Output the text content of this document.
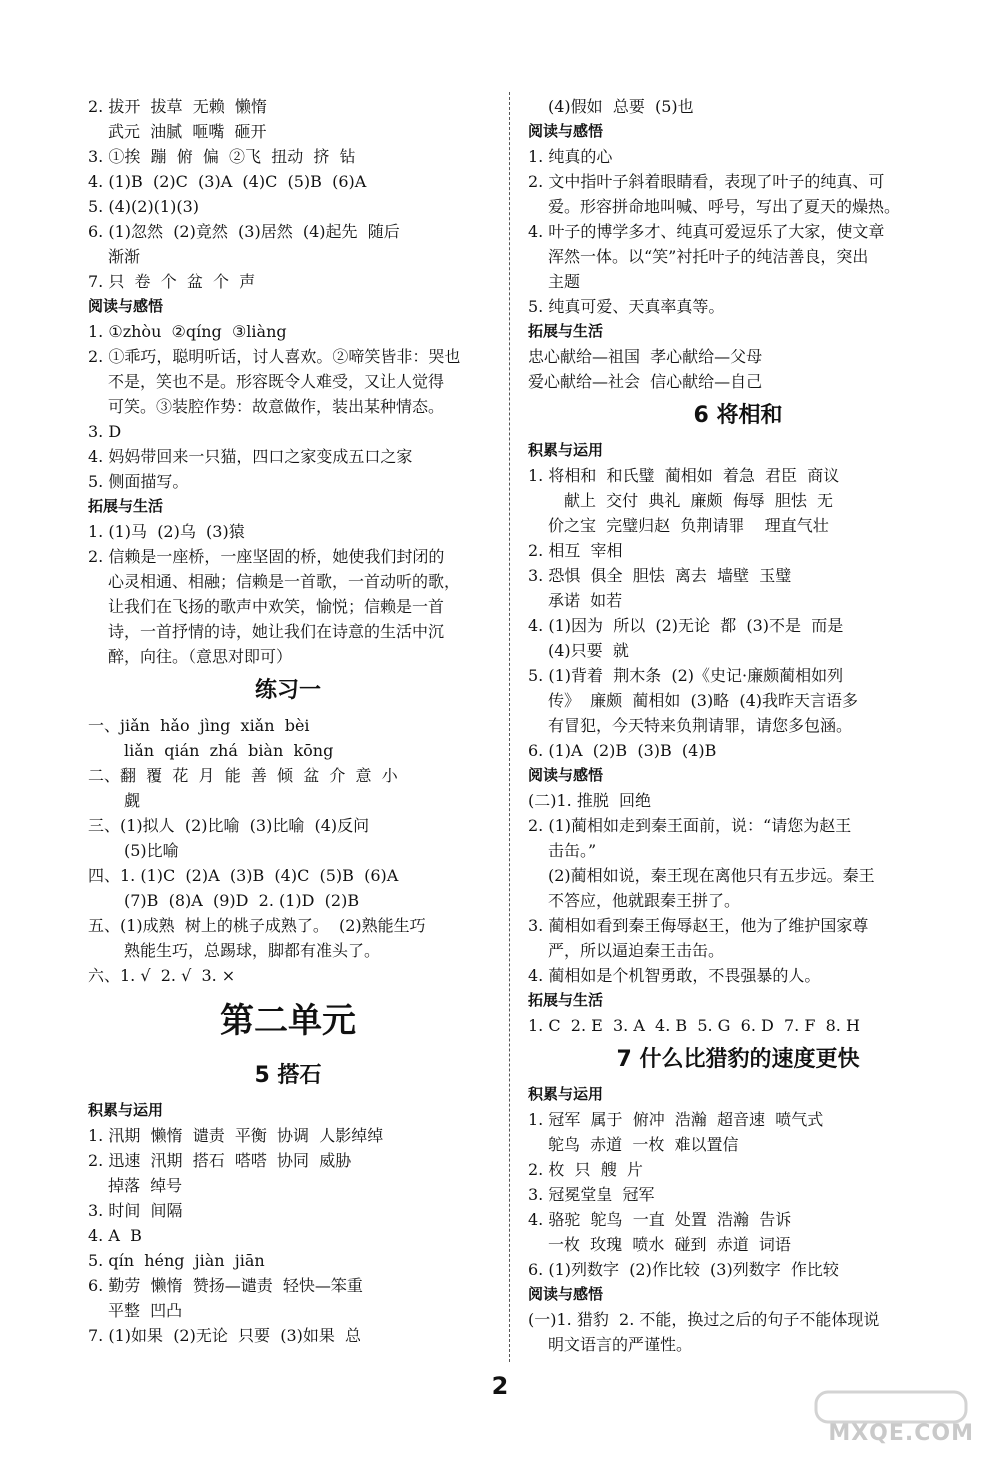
2. 拔开  拔草  无赖  懒惰
武元  油腻  咂嘴  砸开
3. ①挨  蹦  俯  偏  ②飞  扭动  挤  钻
4. (1)B  (2)C  (3)A  (4)C  (5)B  (6)A
5. (4)(2)(1)(3)
6. (1)忽然  (2)竟然  (3)居然  (4)起先  随后
渐渐
7. 只  卷  个  盆  个  声
阅读与感悟
1. ①zhòu  ②qíng  ③liàng
2. ①乖巧，聪明听话，讨人喜欢。②啼笑皆非：哭也
不是，笑也不是。形容既令人难受，又让人觉得
可笑。③装腔作势：故意做作，装出某种情态。
3. D
4. 妈妈带回来一只猫，四口之家变成五口之家
5. 侧面描写。
拓展与生活
1. (1)马  (2)乌  (3)猿
2. 信赖是一座桥，一座坚固的桥，她使我们封闭的
心灵相通、相融；信赖是一首歌，一首动听的歌，
让我们在飞扬的歌声中欢笑，愉悦；信赖是一首
诗，一首抒情的诗，她让我们在诗意的生活中沉
醉，向往。（意思对即可）
练习一
一、jiǎn  hǎo  jìng  xiǎn  bèi
liǎn  qián  zhá  biàn  kōng
二、翻  覆  花  月  能  善  倾  盆  介  意  小
觑
三、(1)拟人  (2)比喻  (3)比喻  (4)反问
(5)比喻
四、1. (1)C  (2)A  (3)B  (4)C  (5)B  (6)A
(7)B  (8)A  (9)D  2. (1)D  (2)B
五、(1)成熟  树上的桃子成熟了。  (2)熟能生巧
熟能生巧，总踢球，脚都有准头了。
六、1. √  2. √  3. ×
第二单元
5 搭石
积累与运用
1. 汛期  懒惰  谴责  平衡  协调  人影绰绰
2. 迅速  汛期  搭石  嗒嗒  协同  威胁
掉落  绰号
3. 时间  间隔
4. A  B
5. qín  héng  jiàn  jiān
6. 勤劳  懒惰  赞扬—谴责  轻快—笨重
平整  凹凸
7. (1)如果  (2)无论  只要  (3)如果  总
(4)假如  总要  (5)也
阅读与感悟
1. 纯真的心
2. 文中指叶子斜着眼睛看，表现了叶子的纯真、可
爱。形容拼命地叫喊、呼号，写出了夏天的燥热。
4. 叶子的博学多才、纯真可爱逗乐了大家，使文章
浑然一体。以“笑”衬托叶子的纯洁善良，突出
主题
5. 纯真可爱、天真率真等。
拓展与生活
忠心献给—祖国  孝心献给—父母
爱心献给—社会  信心献给—自己
6 将相和
积累与运用
1. 将相和  和氏璧  蔺相如  着急  君臣  商议
献上  交付  典礼  廉颇  侮辱  胆怯  无
价之宝  完璧归赵  负荆请罪    理直气壮
2. 相互  宰相
3. 恐惧  俱全  胆怯  离去  墙壁  玉璧
承诺  如若
4. (1)因为  所以  (2)无论  都  (3)不是  而是
(4)只要  就
5. (1)背着  荆木条  (2)《史记·廉颇蔺相如列
传》  廉颇  蔺相如  (3)略  (4)我昨天言语多
有冒犯，今天特来负荆请罪，请您多包涵。
6. (1)A  (2)B  (3)B  (4)B
阅读与感悟
(二)1. 推脱  回绝
2. (1)蔺相如走到秦王面前，说：“请您为赵王
击缶。”
(2)蔺相如说，秦王现在离他只有五步远。秦王
不答应，他就跟秦王拼了。
3. 蔺相如看到秦王侮辱赵王，他为了维护国家尊
严，所以逼迫秦王击缶。
4. 蔺相如是个机智勇敢，不畏强暴的人。
拓展与生活
1. C  2. E  3. A  4. B  5. G  6. D  7. F  8. H
7 什么比猎豹的速度更快
积累与运用
1. 冠军  属于  俯冲  浩瀚  超音速  喷气式
鸵鸟  赤道  一枚  难以置信
2. 枚  只  艘  片
3. 冠冕堂皇  冠军
4. 骆驼  鸵鸟  一直  处置  浩瀚  告诉
一枚  玫瑰  喷水  碰到  赤道  词语
6. (1)列数字  (2)作比较  (3)列数字  作比较
阅读与感悟
(一)1. 猎豹  2. 不能，换过之后的句子不能体现说
明文语言的严谨性。
2
MXQE.COM
